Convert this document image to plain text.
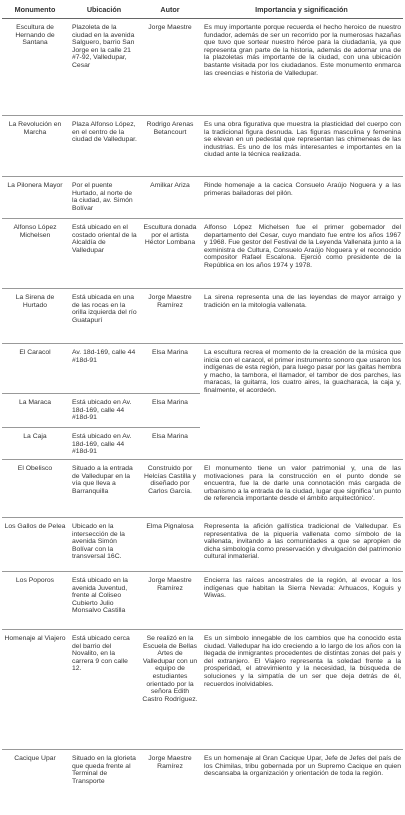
Monumento	Ubicación	Autor	Importancia y significación
Escultura de Hernando de Santana	Plazoleta de la ciudad en la avenida Salguero, barrio San Jorge en la calle 21 #7-92, Valledupar, Cesar	Jorge Maestre	Es muy importante porque recuerda el hecho heroico de nuestro fundador, además de ser un recorrido por la numerosas hazañas que tuvo que sortear nuestro héroe para la ciudadanía, ya que representa gran parte de la historia, además de adornar una de la plazoletas más importante de la ciudad, con una ubicación bastante visitada por los ciudadanos. Este monumento enmarca las creencias e historia de Valledupar.
La Revolución en Marcha	Plaza Alfonso López, en el centro de la ciudad de Valledupar.	Rodrigo Arenas Betancourt	Es una obra figurativa que muestra la plasticidad del cuerpo con la tradicional figura desnuda. Las figuras masculina y femenina se elevan en un pedestal que representan las chimeneas de las industrias. Es uno de los más interesantes e importantes en la ciudad ante la técnica realizada.
La Pilonera Mayor	Por el puente Hurtado, al norte de la ciudad, av. Simón Bolívar	Amilkar Ariza	Rinde homenaje a la cacica Consuelo Araújo Noguera y a las primeras bailadoras del pilón.
Alfonso López Michelsen	Está ubicado en el costado oriental de la Alcaldía de Valledupar	Escultura donada por el artista Héctor Lombana	Alfonso López Michelsen fue el primer gobernador del departamento del Cesar, cuyo mandato fue entre los años 1967 y 1968. Fue gestor del Festival de la Leyenda Vallenata junto a la exministra de Cultura, Consuelo Araújo Noguera y el reconocido compositor Rafael Escalona. Ejerció como presidente de la República en los años 1974 y 1978.
La Sirena de Hurtado	Está ubicada en una de las rocas en la orilla izquierda del río Guatapurí	Jorge Maestre Ramírez	La sirena representa una de las leyendas de mayor arraigo y tradición en la mitología vallenata.
El Caracol	Av. 18d-169, calle 44 #18d-91	Elsa Marina	La escultura recrea el momento de la creación de la música que inicia con el caracol, el primer instrumento sonoro que usaron los indígenas de esta región, para luego pasar por las gaitas hembra y macho, la tambora, el llamador, el tambor de dos parches, las maracas, la guitarra, los cuatro aires, la guacharaca, la caja y, finalmente, el acordeón.
La Maraca	Está ubicado en Av. 18d-169, calle 44 #18d-91	Elsa Marina	
La Caja	Está ubicado en Av. 18d-169, calle 44 #18d-91	Elsa Marina	
El Obelisco	Situado a la entrada de Valledupar en la vía que lleva a Barranquilla	Construido por Helcías Castilla y diseñado por Carlos García.	El monumento tiene un valor patrimonial y, una de las motivaciones para la construcción en el punto donde se encuentra, fue la de darle una connotación más cargada de urbanismo a la entrada de la ciudad, lugar que significa 'un punto de referencia importante desde el ámbito arquitectónico'.
Los Gallos de Pelea	Ubicado en la intersección de la avenida Simón Bolívar con la transversal 16C.	Elma Pignalosa	Representa la afición gallística tradicional de Valledupar. Es representativa de la piquería vallenata como símbolo de la vallenata, invitando a las comunidades a que se apropien de dicha simbología como preservación y divulgación del patrimonio cultural inmaterial.
Los Poporos	Está ubicado en la avenida Juventud, frente al Coliseo Cubierto Julio Monsalvo Castilla	Jorge Maestre Ramírez	Encierra las raíces ancestrales de la región, al evocar a los indígenas que habitan la Sierra Nevada: Arhuacos, Koguis y Wiwas.
Homenaje al Viajero	Está ubicado cerca del barrio del Novalito, en la carrera 9 con calle 12.	Se realizó en la Escuela de Bellas Artes de Valledupar con un equipo de estudiantes orientado por la señora Edith Castro Rodríguez.	Es un símbolo innegable de los cambios que ha conocido esta ciudad. Valledupar ha ido creciendo a lo largo de los años con la llegada de inmigrantes procedentes de distintas zonas del país y del extranjero. El Viajero representa la soledad frente a la prosperidad, el atrevimiento y la necesidad, la búsqueda de soluciones y la simpatía de un ser que deja detrás de él, recuerdos inolvidables.
Cacique Upar	Situado en la glorieta que queda frente al Terminal de Transporte	Jorge Maestre Ramírez	Es un homenaje al Gran Cacique Upar, Jefe de Jefes del país de los Chimilas, tribu gobernada por un Supremo Cacique en quien descansaba la organización y orientación de toda la región.
